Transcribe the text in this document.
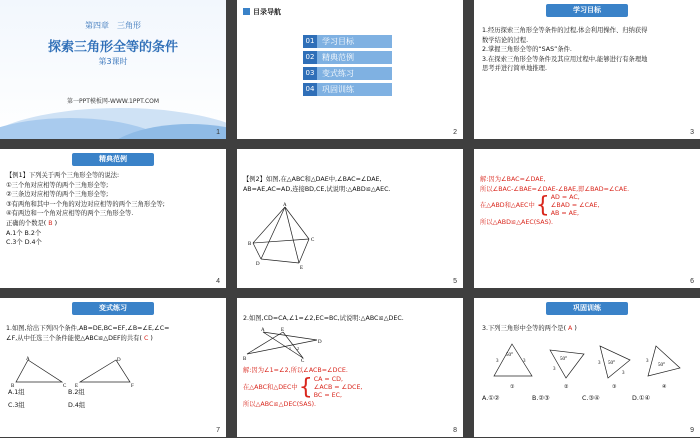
第四章　三角形
探索三角形全等的条件
第3课时
第一PPT模板网-WWW.1PPT.COM
1
目录导航
01 学习目标
02 精典范例
03 变式练习
04 巩固训练
2
学习目标
1.经历探索三角形全等条件的过程,体会利用操作、归纳获得
数学结论的过程.
2.掌握三角形全等的“SAS”条件.
3.在探索三角形全等条件及其应用过程中,能够进行有条理地
思考并进行简单地推理.
3
精典范例
【例1】下列关于两个三角形全等的说法:
①三个角对应相等的两个三角形全等;
②三条边对应相等的两个三角形全等;
③有两角和其中一个角的对边对应相等的两个三角形全等;
④有两边和一个角对应相等的两个三角形全等.
正确的个数是( B )
A.1个 B.2个
C.3个 D.4个
4
【例2】如图,在△ABC和△DAE中,∠BAC=∠DAE,
AB=AE,AC=AD,连接BD,CE,试说明:△ABD≌△AEC.
A
B
C
D
E
5
解:因为∠BAC=∠DAE,
所以∠BAC-∠BAE=∠DAE-∠BAE,即∠BAD=∠CAE.
在△ABD和△AEC中 { AD = AC,
∠BAD = ∠CAE,
AB = AE,
所以△ABD≌△AEC(SAS).
6
变式练习
1.如图,给出下列四个条件,AB=DE,BC=EF,∠B=∠E,∠C=
∠F,从中任选三个条件能使△ABC≌△DEF的共有( C )
A
B	C
D
E	F
A.1组	B.2组
C.3组	D.4组
7
2.如图,CD=CA,∠1=∠2,EC=BC,试说明:△ABC≌△DEC.
A	E
B	C
D
1 2
解:因为∠1=∠2,所以∠ACB=∠DCE.
在△ABC和△DEC中 { CA = CD,
∠ACB = ∠DCE,
BC = EC,
所以△ABC≌△DEC(SAS).
8
巩固训练
3.下列三角形中全等的两个是( A )
50°
3	3	50°
3
50°
3
3	50°
3
①	②	③	④
A.①②	B.②③	C.③④	D.①④
9
